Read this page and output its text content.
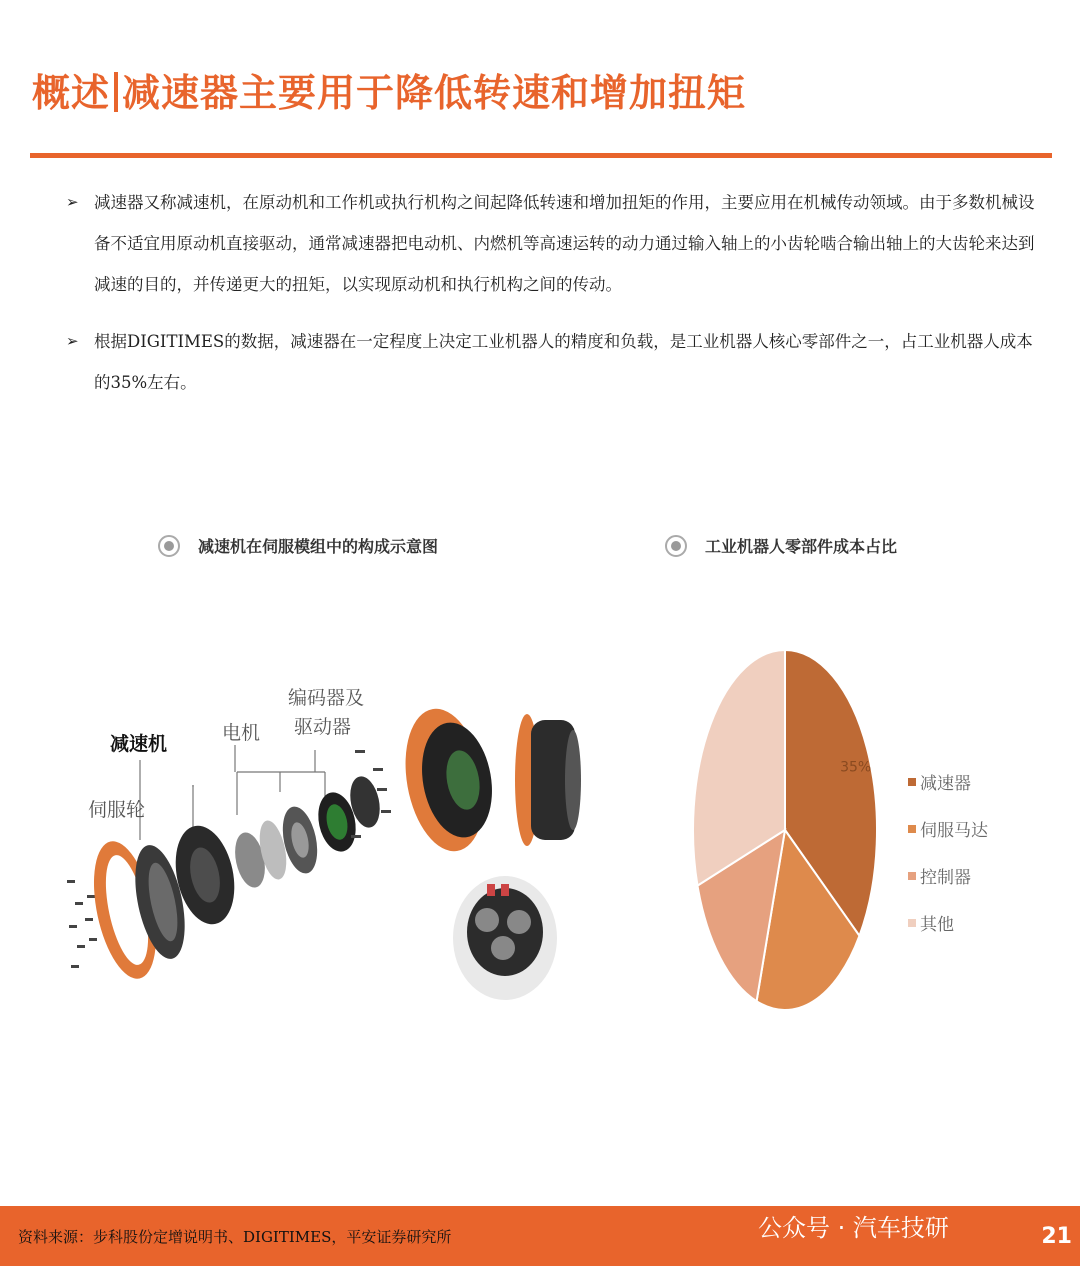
概述 减速器主要用于降低转速和增加扭矩
➢ 减速器又称减速机，在原动机和工作机或执行机构之间起降低转速和增加扭矩的作用，主要应用在机械传动领域。由于多数机械设备不适宜用原动机直接驱动，通常减速器把电动机、内燃机等高速运转的动力通过输入轴上的小齿轮啮合输出轴上的大齿轮来达到减速的目的，并传递更大的扭矩，以实现原动机和执行机构之间的传动。
➢ 根据DIGITIMES的数据，减速器在一定程度上决定工业机器人的精度和负载，是工业机器人核心零部件之一，占工业机器人成本的35%左右。
减速机在伺服模组中的构成示意图	工业机器人零部件成本占比
减速机	电机
编码器及
驱动器
伺服轮
35%
减速器
伺服马达
控制器
其他
资料来源：步科股份定增说明书、DIGITIMES，平安证券研究所	公众号 · 汽车技研	21
